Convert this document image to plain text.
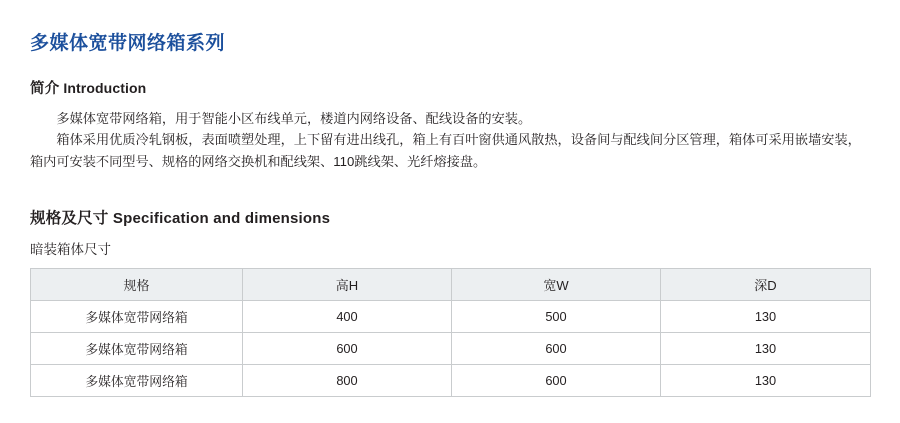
多媒体宽带网络箱系列
简介 Introduction

多媒体宽带网络箱，用于智能小区布线单元，楼道内网络设备、配线设备的安装。

箱体采用优质冷轧钢板，表面喷塑处理，上下留有进出线孔，箱上有百叶窗供通风散热，设备间与配线间分区管理，箱体可采用嵌墙安装，箱内可安装不同型号、规格的网络交换机和配线架、110跳线架、光纤熔接盘。

规格及尺寸 Specification and dimensions
暗装箱体尺寸
规格	高H	宽W	深D
多媒体宽带网络箱	400	500	130
多媒体宽带网络箱	600	600	130
多媒体宽带网络箱	800	600	130
